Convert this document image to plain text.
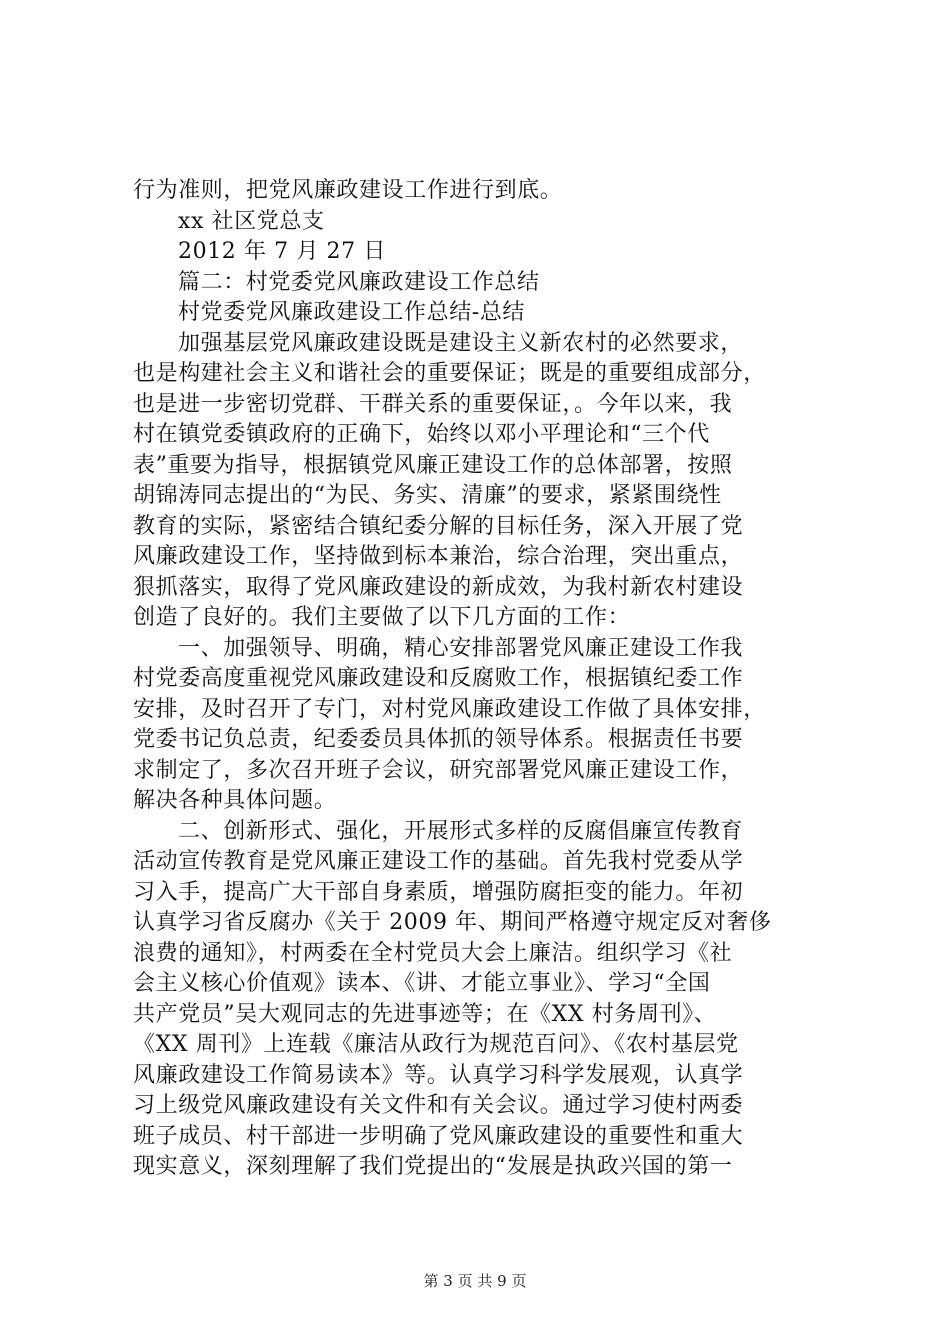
行为准则，把党风廉政建设工作进行到底。
xx 社区党总支
2012 年 7 月 27 日
篇二：村党委党风廉政建设工作总结
村党委党风廉政建设工作总结-总结
加强基层党风廉政建设既是建设主义新农村的必然要求，
也是构建社会主义和谐社会的重要保证；既是的重要组成部分，
也是进一步密切党群、干群关系的重要保证，。今年以来，我
村在镇党委镇政府的正确下，始终以邓小平理论和“三个代
表”重要为指导，根据镇党风廉正建设工作的总体部署，按照
胡锦涛同志提出的“为民、务实、清廉”的要求，紧紧围绕性
教育的实际，紧密结合镇纪委分解的目标任务，深入开展了党
风廉政建设工作，坚持做到标本兼治，综合治理，突出重点，
狠抓落实，取得了党风廉政建设的新成效，为我村新农村建设
创造了良好的。我们主要做了以下几方面的工作：
一、加强领导、明确，精心安排部署党风廉正建设工作我
村党委高度重视党风廉政建设和反腐败工作，根据镇纪委工作
安排，及时召开了专门，对村党风廉政建设工作做了具体安排，
党委书记负总责，纪委委员具体抓的领导体系。根据责任书要
求制定了，多次召开班子会议，研究部署党风廉正建设工作，
解决各种具体问题。
二、创新形式、强化，开展形式多样的反腐倡廉宣传教育
活动宣传教育是党风廉正建设工作的基础。首先我村党委从学
习入手，提高广大干部自身素质，增强防腐拒变的能力。年初
认真学习省反腐办《关于 2009 年、期间严格遵守规定反对奢侈
浪费的通知》，村两委在全村党员大会上廉洁。组织学习《社
会主义核心价值观》读本、《讲、才能立事业》、学习“全国
共产党员”吴大观同志的先进事迹等；在《XX 村务周刊》、
《XX 周刊》上连载《廉洁从政行为规范百问》、《农村基层党
风廉政建设工作简易读本》等。认真学习科学发展观，认真学
习上级党风廉政建设有关文件和有关会议。通过学习使村两委
班子成员、村干部进一步明确了党风廉政建设的重要性和重大
现实意义，深刻理解了我们党提出的“发展是执政兴国的第一
第 3 页 共 9 页
